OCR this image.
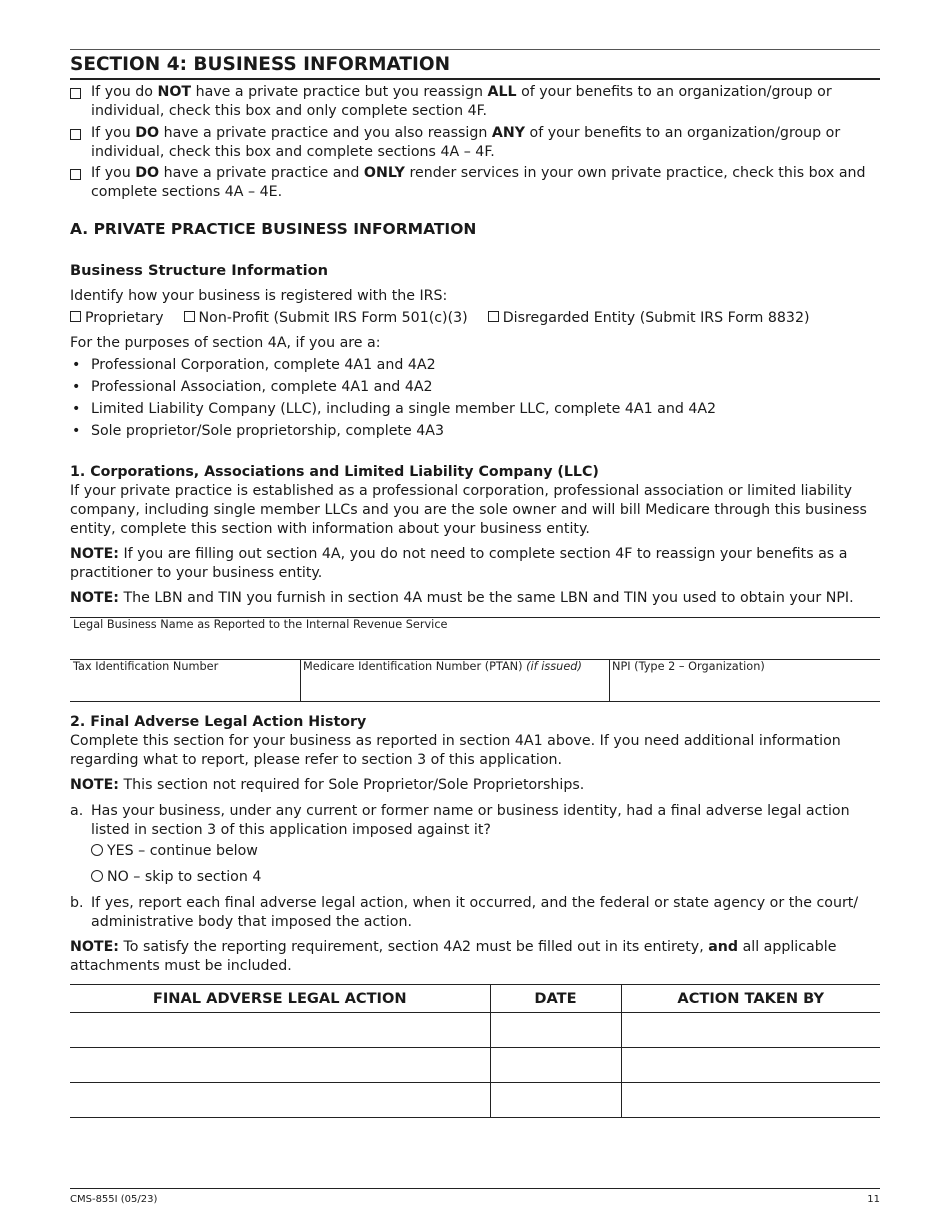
SECTION 4: BUSINESS INFORMATION
If you do NOT have a private practice but you reassign ALL of your benefits to an organization/group or individual, check this box and only complete section 4F.
If you DO have a private practice and you also reassign ANY of your benefits to an organization/group or individual, check this box and complete sections 4A – 4F.
If you DO have a private practice and ONLY render services in your own private practice, check this box and complete sections 4A – 4E.
A. PRIVATE PRACTICE BUSINESS INFORMATION
Business Structure Information
Identify how your business is registered with the IRS:
Proprietary Non-Profit (Submit IRS Form 501(c)(3) Disregarded Entity (Submit IRS Form 8832)
For the purposes of section 4A, if you are a:
• Professional Corporation, complete 4A1 and 4A2
• Professional Association, complete 4A1 and 4A2
• Limited Liability Company (LLC), including a single member LLC, complete 4A1 and 4A2
• Sole proprietor/Sole proprietorship, complete 4A3
1. Corporations, Associations and Limited Liability Company (LLC)
If your private practice is established as a professional corporation, professional association or limited liability company, including single member LLCs and you are the sole owner and will bill Medicare through this business entity, complete this section with information about your business entity.
NOTE: If you are filling out section 4A, you do not need to complete section 4F to reassign your benefits as a practitioner to your business entity.
NOTE: The LBN and TIN you furnish in section 4A must be the same LBN and TIN you used to obtain your NPI.
Legal Business Name as Reported to the Internal Revenue Service
Tax Identification Number	Medicare Identification Number (PTAN) (if issued)	NPI (Type 2 – Organization)
2. Final Adverse Legal Action History
Complete this section for your business as reported in section 4A1 above. If you need additional information regarding what to report, please refer to section 3 of this application.
NOTE: This section not required for Sole Proprietor/Sole Proprietorships.
a. Has your business, under any current or former name or business identity, had a final adverse legal action listed in section 3 of this application imposed against it?
YES – continue below
NO – skip to section 4
b. If yes, report each final adverse legal action, when it occurred, and the federal or state agency or the court/ administrative body that imposed the action.
NOTE: To satisfy the reporting requirement, section 4A2 must be filled out in its entirety, and all applicable attachments must be included.
FINAL ADVERSE LEGAL ACTION	DATE	ACTION TAKEN BY

CMS-855I (05/23)	11
